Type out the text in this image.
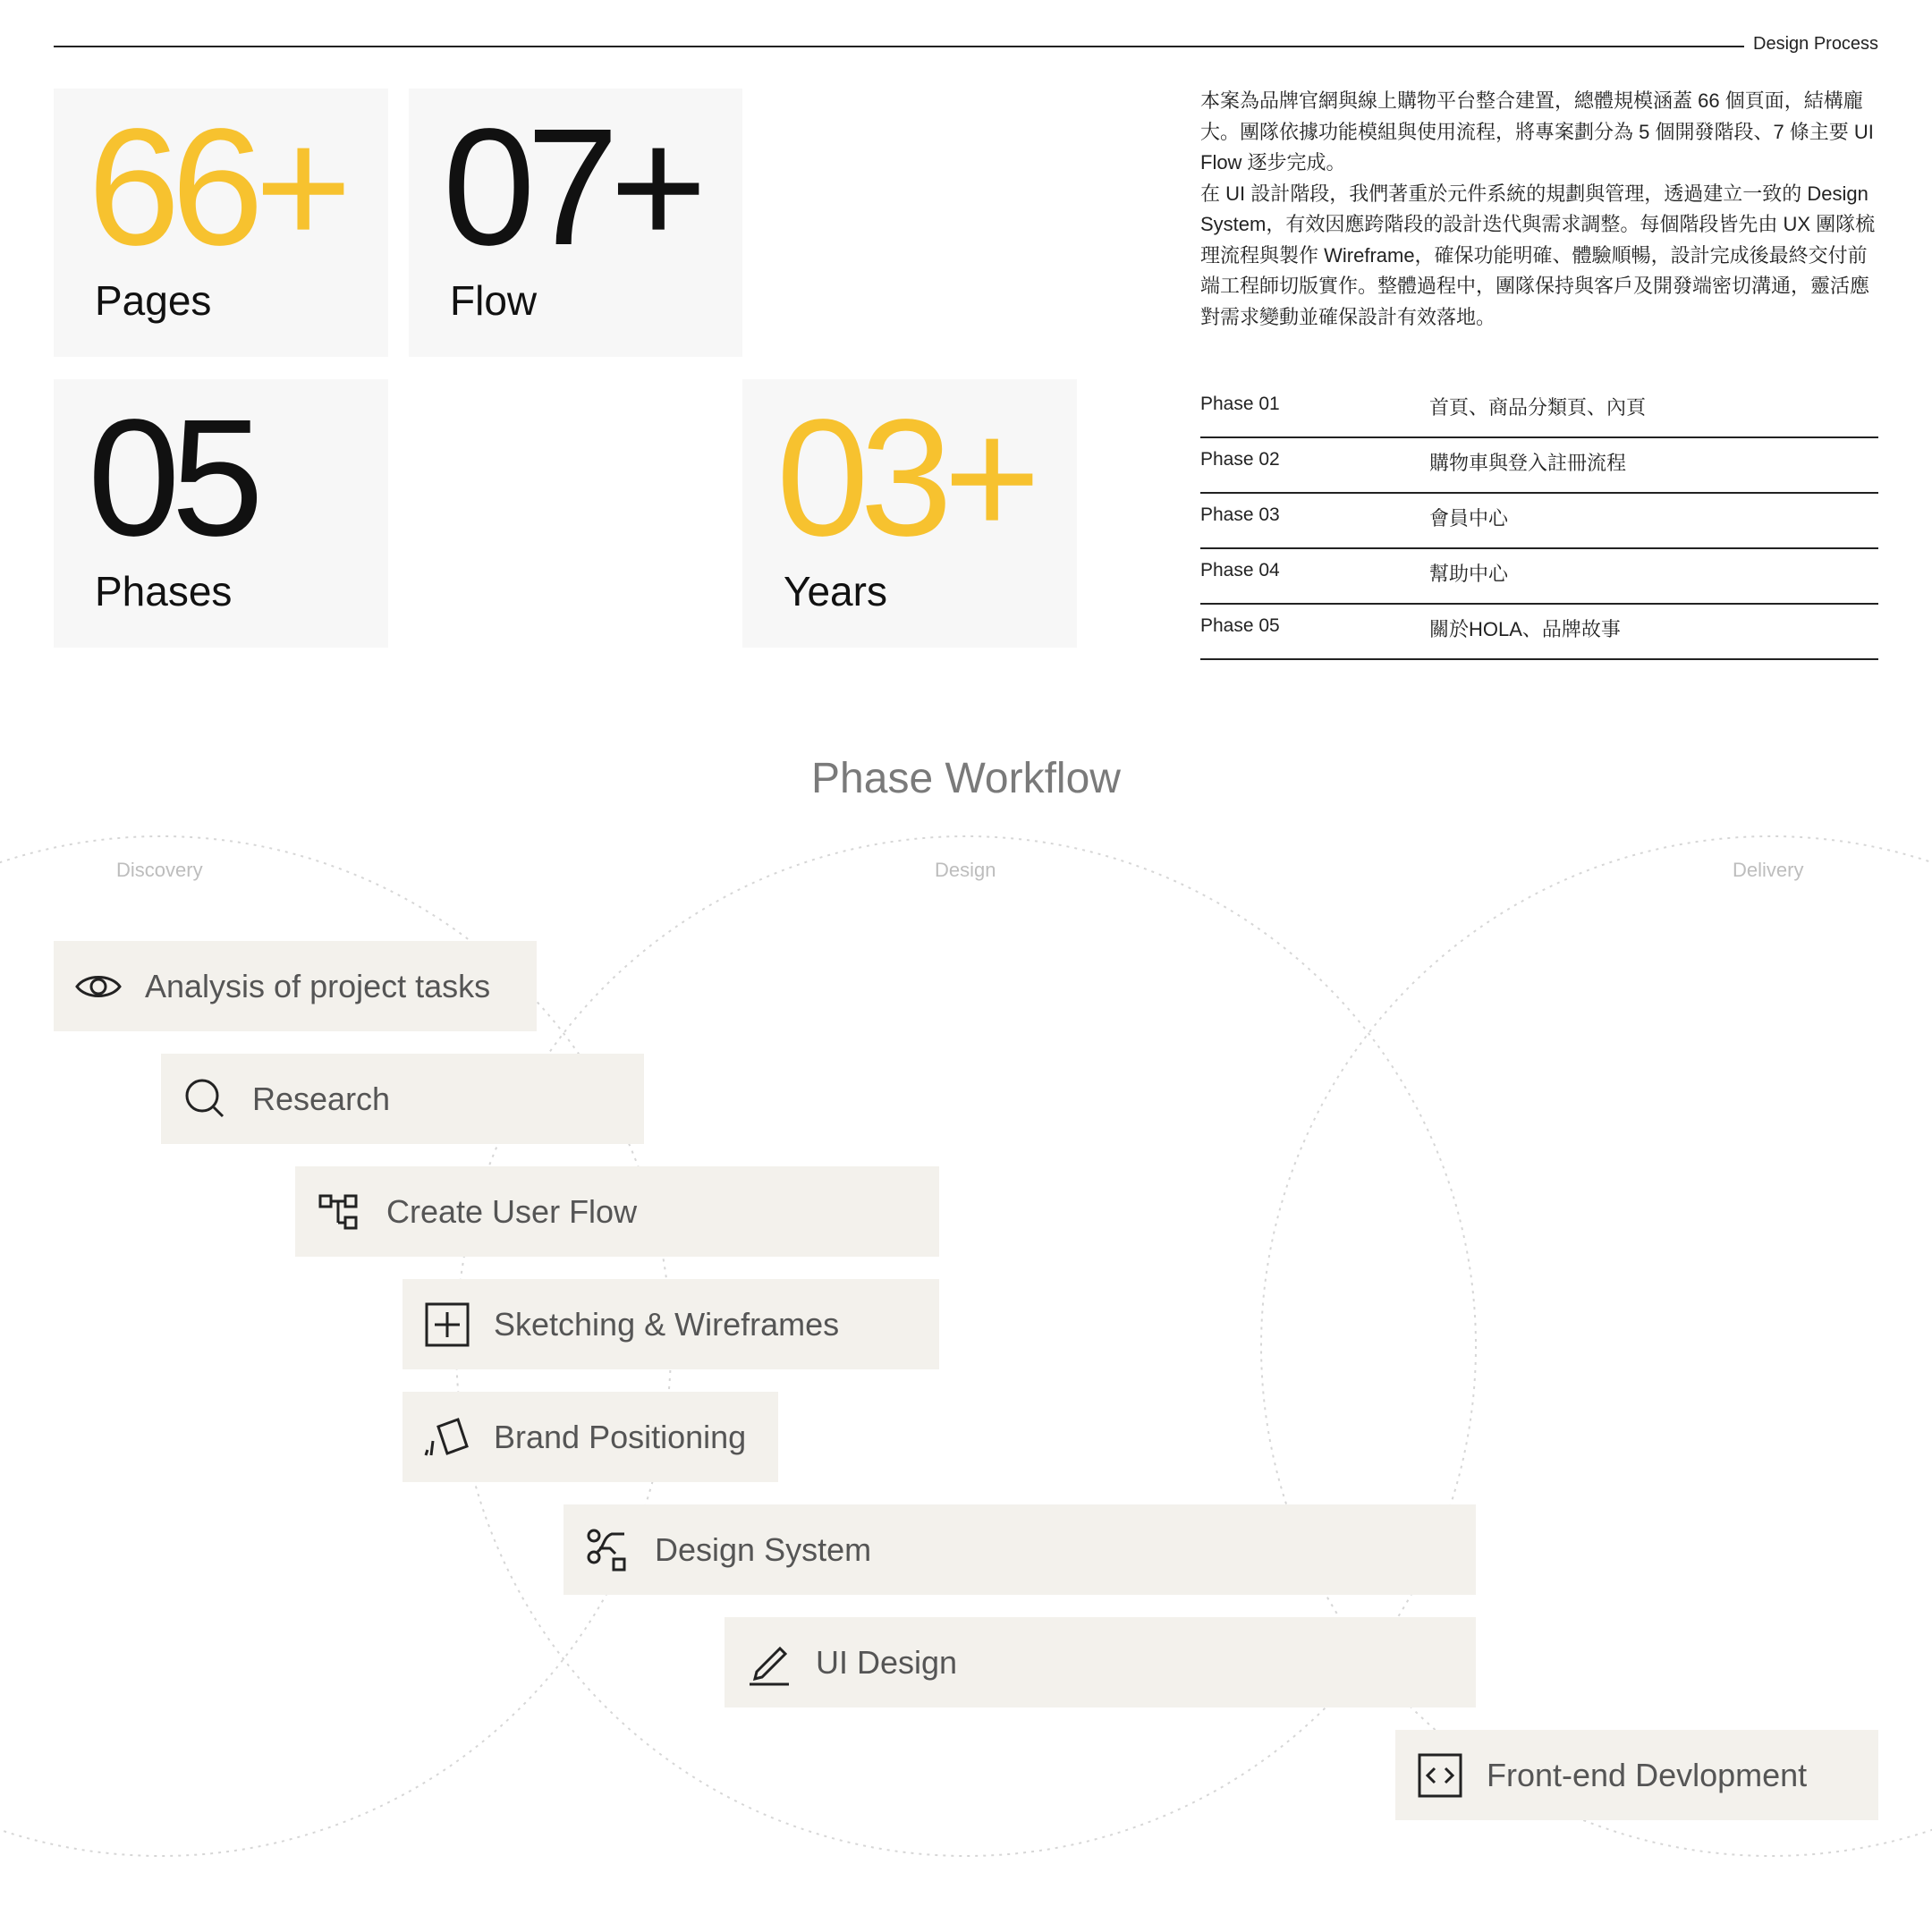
Design Process
66+
Pages
07+
Flow
05
Phases
03+
Years

本案為品牌官網與線上購物平台整合建置，總體規模涵蓋 66 個頁面，結構龐大。團隊依據功能模組與使用流程，將專案劃分為 5 個開發階段、7 條主要 UI Flow 逐步完成。

在 UI 設計階段，我們著重於元件系統的規劃與管理，透過建立一致的 Design System，有效因應跨階段的設計迭代與需求調整。每個階段皆先由 UX 團隊梳理流程與製作 Wireframe，確保功能明確、體驗順暢，設計完成後最終交付前端工程師切版實作。整體過程中，團隊保持與客戶及開發端密切溝通，靈活應對需求變動並確保設計有效落地。

Phase 01	首頁、商品分類頁、內頁
Phase 02	購物車與登入註冊流程
Phase 03	會員中心
Phase 04	幫助中心
Phase 05	關於HOLA、品牌故事
Phase Workflow
Discovery	Design	Delivery
Analysis of project tasks
Research
Create User Flow
Sketching & Wireframes
Brand Positioning
Design System
UI Design
Front-end Devlopment
